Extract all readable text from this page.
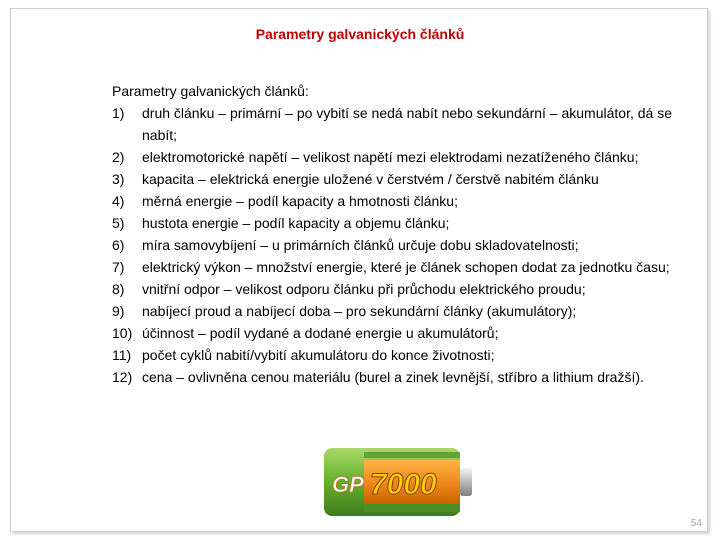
Parametry galvanických článků
Parametry galvanických článků:
1) druh článku – primární – po vybití se nedá nabít nebo sekundární – akumulátor, dá se nabít;
2) elektromotorické napětí – velikost napětí mezi elektrodami nezatíženého článku;
3) kapacita – elektrická energie uložené v čerstvém / čerstvě nabitém článku
4) měrná energie – podíl kapacity a hmotnosti článku;
5) hustota energie – podíl kapacity a objemu článku;
6) míra samovybíjení – u primárních článků určuje dobu skladovatelnosti;
7) elektrický výkon – množství energie, které je článek schopen dodat za jednotku času;
8) vnitřní odpor – velikost odporu článku při průchodu elektrického proudu;
9) nabíjecí proud a nabíjecí doba – pro sekundární články (akumulátory);
10) účinnost – podíl vydané a dodané energie u akumulátorů;
11) počet cyklů nabití/vybití akumulátoru do konce životnosti;
12) cena – ovlivněna cenou materiálu (burel a zinek levnější, stříbro a lithium dražší).
GP 7000
54
